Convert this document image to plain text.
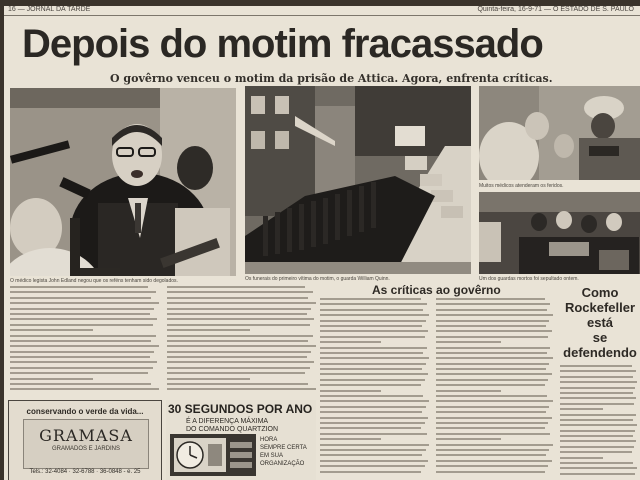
16 — JORNAL DA TARDE	Quinta-feira, 16-9-71 — O ESTADO DE S. PAULO
Depois do motim fracassado
O govêrno venceu o motim da prisão de Attica. Agora, enfrenta críticas.
O médico legista John Edland negou que os reféns tenham sido degolados.	Os funerais do primeiro vítima do motim, o guarda William Quinn.
Muitos médicos atenderam os feridos.
Um dos guardas mortos foi sepultado ontem.
As críticas ao govêrno	Como
Rockefeller
está
se
defendendo
conservando o verde da vida...
GRAMASA
GRAMADOS E JARDINS
Tels.: 32-4084 · 32-6788 · 36-0848 - e. 25
30 SEGUNDOS POR ANO
É A DIFERENÇA MÁXIMA
DO COMANDO QUARTZION
HORA
SEMPRE CERTA
EM SUA
ORGANIZAÇÃO
